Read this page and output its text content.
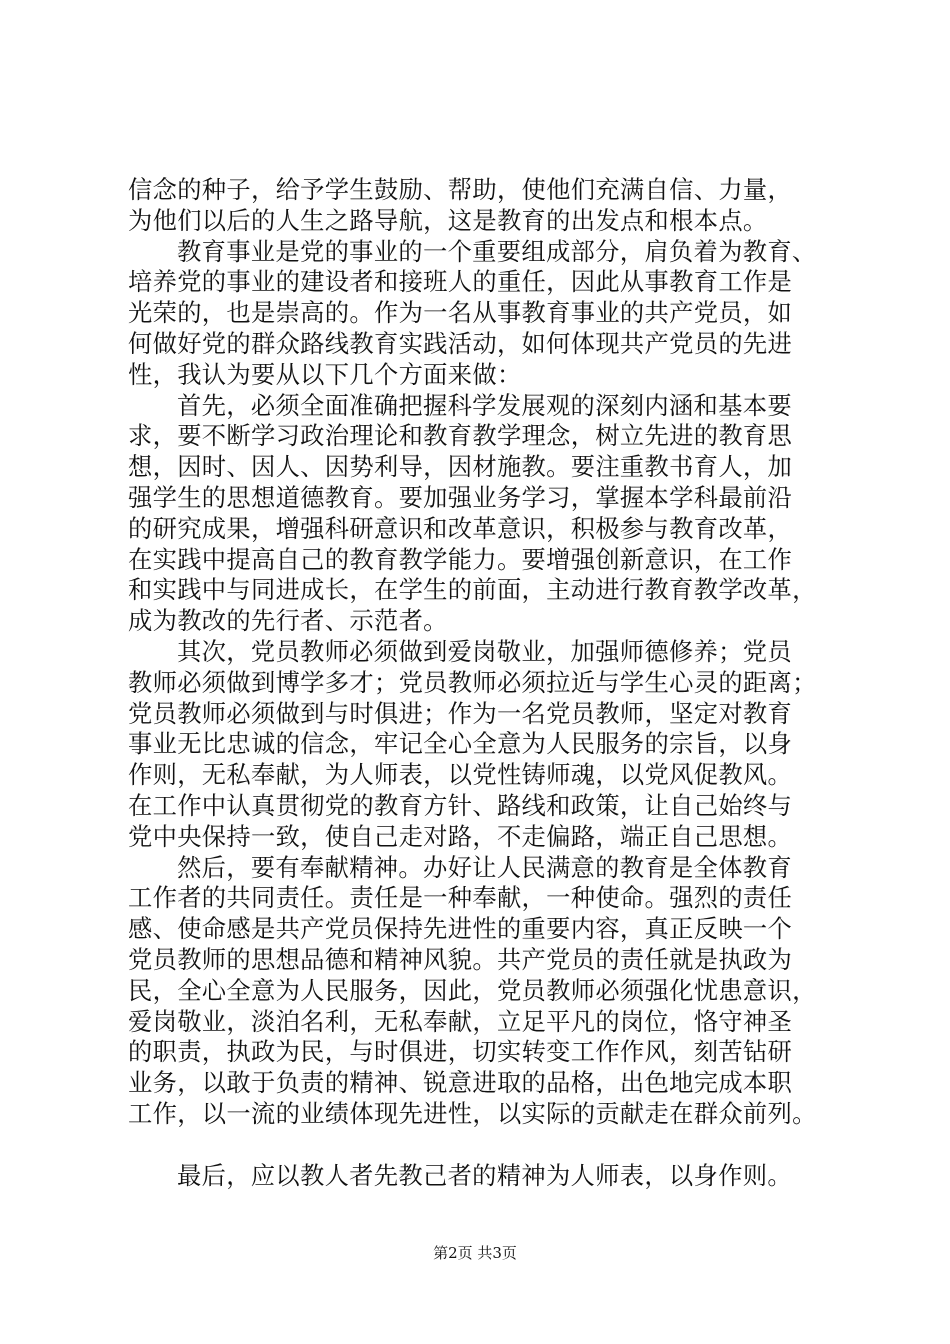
信念的种子，给予学生鼓励、帮助，使他们充满自信、力量，
为他们以后的人生之路导航，这是教育的出发点和根本点。
教育事业是党的事业的一个重要组成部分，肩负着为教育、
培养党的事业的建设者和接班人的重任，因此从事教育工作是
光荣的，也是崇高的。作为一名从事教育事业的共产党员，如
何做好党的群众路线教育实践活动，如何体现共产党员的先进
性，我认为要从以下几个方面来做：
首先，必须全面准确把握科学发展观的深刻内涵和基本要
求，要不断学习政治理论和教育教学理念，树立先进的教育思
想，因时、因人、因势利导，因材施教。要注重教书育人，加
强学生的思想道德教育。要加强业务学习，掌握本学科最前沿
的研究成果，增强科研意识和改革意识，积极参与教育改革，
在实践中提高自己的教育教学能力。要增强创新意识，在工作
和实践中与同进成长，在学生的前面，主动进行教育教学改革，
成为教改的先行者、示范者。
其次，党员教师必须做到爱岗敬业，加强师德修养；党员
教师必须做到博学多才；党员教师必须拉近与学生心灵的距离；
党员教师必须做到与时俱进；作为一名党员教师，坚定对教育
事业无比忠诚的信念，牢记全心全意为人民服务的宗旨，以身
作则，无私奉献，为人师表，以党性铸师魂，以党风促教风。
在工作中认真贯彻党的教育方针、路线和政策，让自己始终与
党中央保持一致，使自己走对路，不走偏路，端正自己思想。
然后，要有奉献精神。办好让人民满意的教育是全体教育
工作者的共同责任。责任是一种奉献，一种使命。强烈的责任
感、使命感是共产党员保持先进性的重要内容，真正反映一个
党员教师的思想品德和精神风貌。共产党员的责任就是执政为
民，全心全意为人民服务，因此，党员教师必须强化忧患意识，
爱岗敬业，淡泊名利，无私奉献，立足平凡的岗位，恪守神圣
的职责，执政为民，与时俱进，切实转变工作作风，刻苦钻研
业务，以敢于负责的精神、锐意进取的品格，出色地完成本职
工作，以一流的业绩体现先进性，以实际的贡献走在群众前列。
最后，应以教人者先教己者的精神为人师表，以身作则。
第2页 共3页
